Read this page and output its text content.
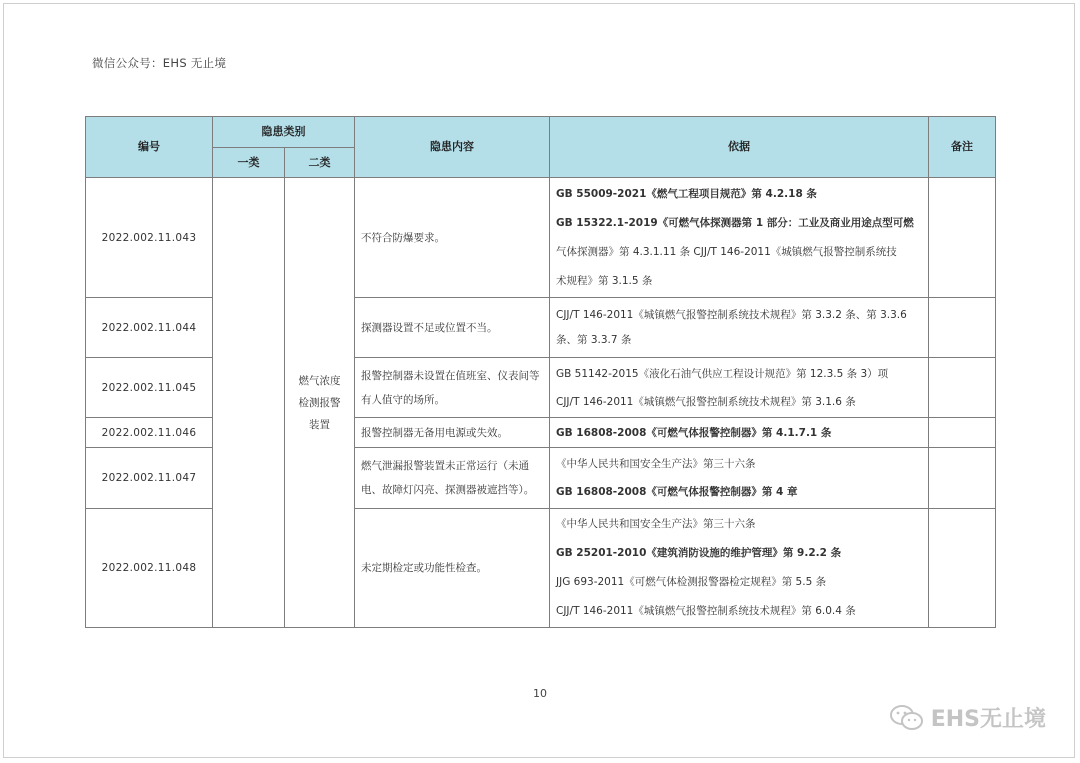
微信公众号：EHS 无止境
编号	隐患类别		隐患内容	依据	备注
	一类	二类			
2022.002.11.043		燃气浓度检测报警装置	不符合防爆要求。	GB 55009-2021《燃气工程项目规范》第 4.2.18 条
GB 15322.1-2019《可燃气体探测器第 1 部分：工业及商业用途点型可燃
气体探测器》第 4.3.1.11 条 CJJ/T 146-2011《城镇燃气报警控制系统技
术规程》第 3.1.5 条	

2022.002.11.044			探测器设置不足或位置不当。	CJJ/T 146-2011《城镇燃气报警控制系统技术规程》第 3.3.2 条、第 3.3.6
条、第 3.3.7 条	

2022.002.11.045			报警控制器未设置在值班室、仪表间等有人值守的场所。	GB 51142-2015《液化石油气供应工程设计规范》第 12.3.5 条 3）项
CJJ/T 146-2011《城镇燃气报警控制系统技术规程》第 3.1.6 条	

2022.002.11.046			报警控制器无备用电源或失效。	GB 16808-2008《可燃气体报警控制器》第 4.1.7.1 条	

2022.002.11.047			燃气泄漏报警装置未正常运行（未通电、故障灯闪亮、探测器被遮挡等）。	《中华人民共和国安全生产法》第三十六条
GB 16808-2008《可燃气体报警控制器》第 4 章	

2022.002.11.048			未定期检定或功能性检查。	《中华人民共和国安全生产法》第三十六条
GB 25201-2010《建筑消防设施的维护管理》第 9.2.2 条
JJG 693-2011《可燃气体检测报警器检定规程》第 5.5 条
CJJ/T 146-2011《城镇燃气报警控制系统技术规程》第 6.0.4 条	

10
EHS无止境
